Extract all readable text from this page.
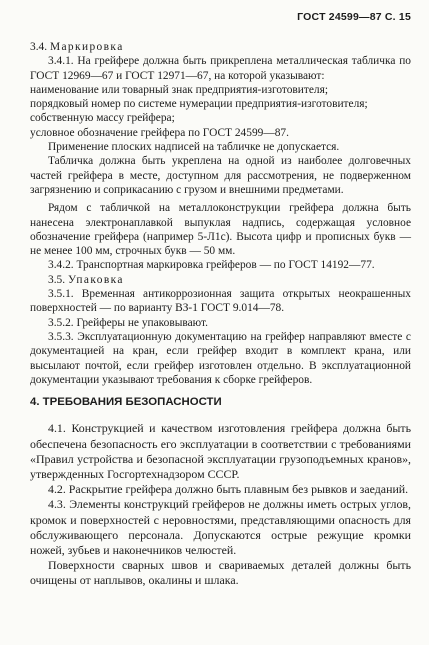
ГОСТ 24599—87 С. 15

3.4. Маркировка

3.4.1. На грейфере должна быть прикреплена металлическая табличка по ГОСТ 12969—67 и ГОСТ 12971—67, на которой указывают:

наименование или товарный знак предприятия-изготовителя;

порядковый номер по системе нумерации предприятия-изготовителя;

собственную массу грейфера;

условное обозначение грейфера по ГОСТ 24599—87.

Применение плоских надписей на табличке не допускается.

Табличка должна быть укреплена на одной из наиболее долговечных частей грейфера в месте, доступном для рассмотрения, не подверженном загрязнению и соприкасанию с грузом и внешними предметами.

Рядом с табличкой на металлоконструкции грейфера должна быть нанесена электронаплавкой выпуклая надпись, содержащая условное обозначение грейфера (например 5-Л1с). Высота цифр и прописных букв — не менее 100 мм, строчных букв — 50 мм.

3.4.2. Транспортная маркировка грейферов — по ГОСТ 14192—77.

3.5. Упаковка

3.5.1. Временная антикоррозионная защита открытых неокрашенных поверхностей — по варианту ВЗ-1 ГОСТ 9.014—78.

3.5.2. Грейферы не упаковывают.

3.5.3. Эксплуатационную документацию на грейфер направляют вместе с документацией на кран, если грейфер входит в комплект крана, или высылают почтой, если грейфер изготовлен отдельно. В эксплуатационной документации указывают требования к сборке грейферов.

4. ТРЕБОВАНИЯ БЕЗОПАСНОСТИ

4.1. Конструкцией и качеством изготовления грейфера должна быть обеспечена безопасность его эксплуатации в соответствии с требованиями «Правил устройства и безопасной эксплуатации грузоподъемных кранов», утвержденных Госгортехнадзором СССР.

4.2. Раскрытие грейфера должно быть плавным без рывков и заеданий.

4.3. Элементы конструкций грейферов не должны иметь острых углов, кромок и поверхностей с неровностями, представляющими опасность для обслуживающего персонала. Допускаются острые режущие кромки ножей, зубьев и наконечников челюстей.

Поверхности сварных швов и свариваемых деталей должны быть очищены от наплывов, окалины и шлака.
